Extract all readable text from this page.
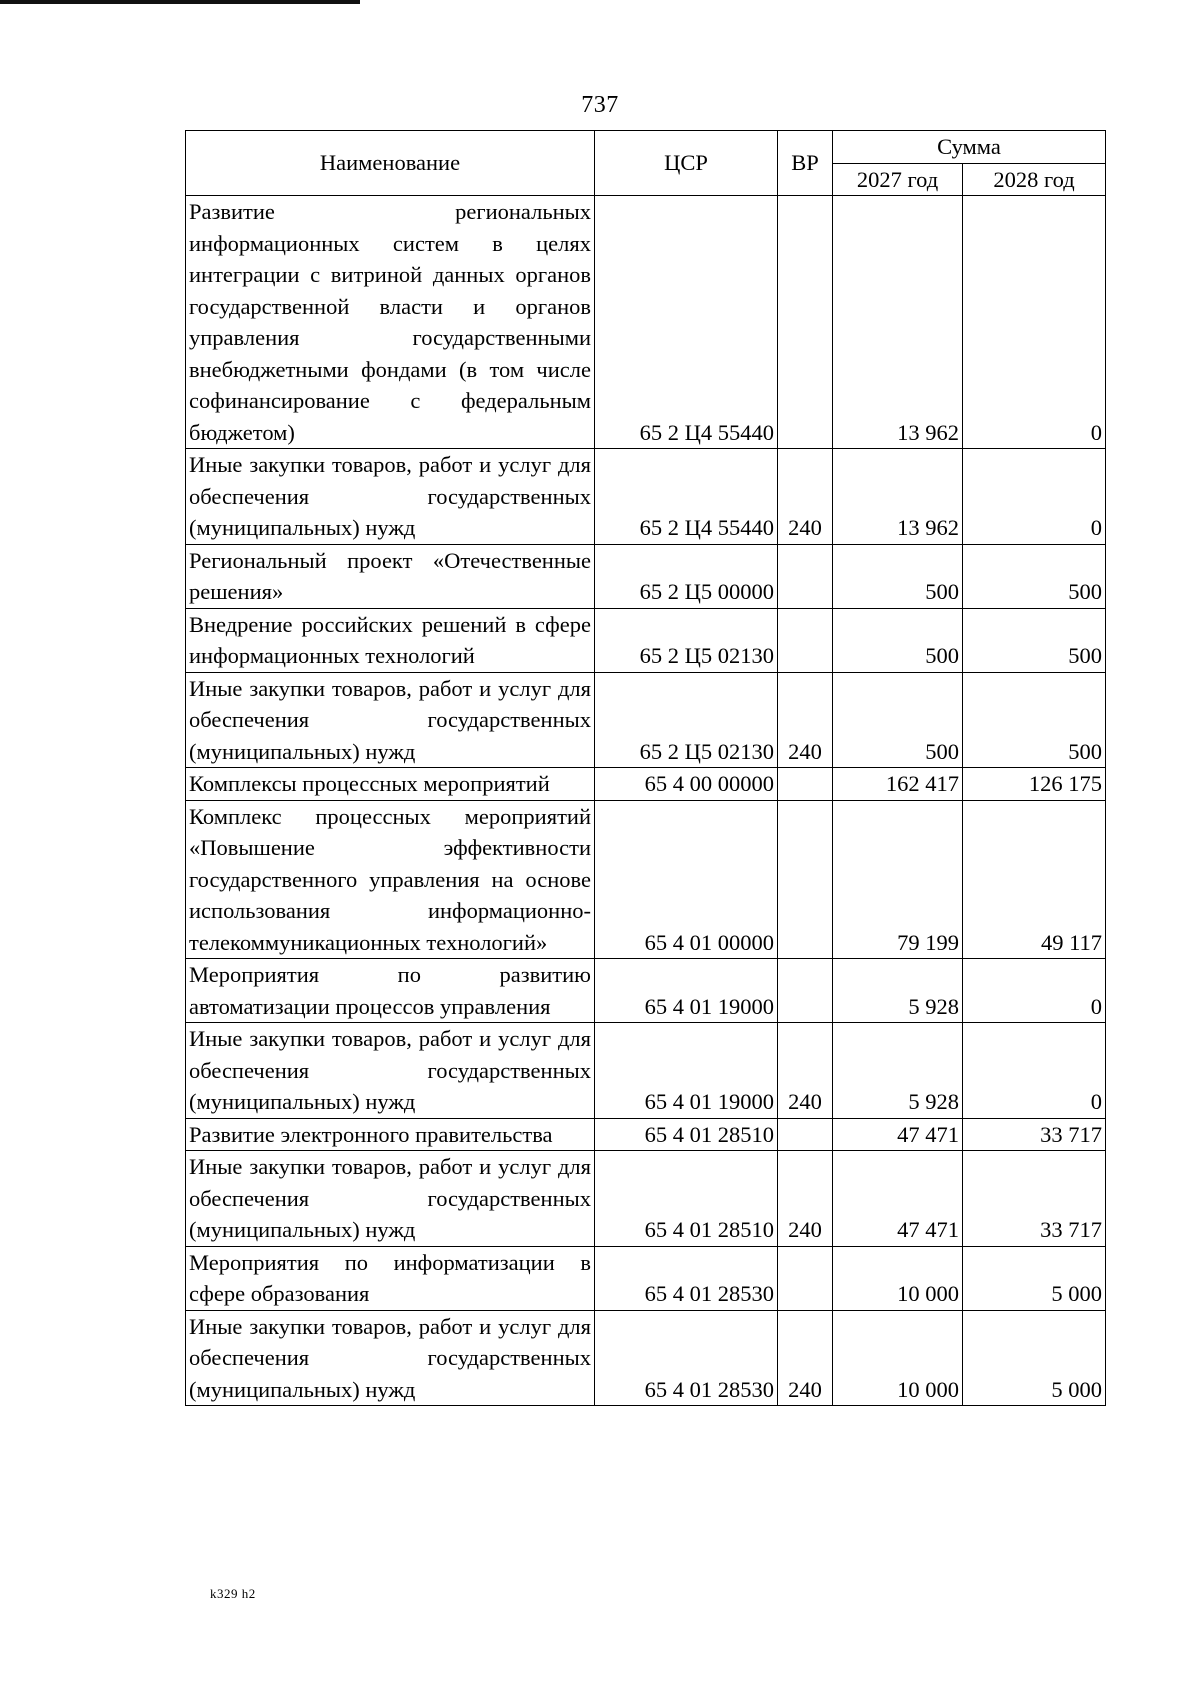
737
Наименование	ЦСР	ВР	Сумма	
			2027 год	2028 год
Развитие региональных информационных систем в целях интеграции с витриной данных органов государственной власти и органов управления государственными внебюджетными фондами (в том числе софинансирование с федеральным бюджетом)	65 2 Ц4 55440		13 962	0
Иные закупки товаров, работ и услуг для обеспечения государственных (муниципальных) нужд	65 2 Ц4 55440	240	13 962	0
Региональный проект «Отечественные решения»	65 2 Ц5 00000		500	500
Внедрение российских решений в сфере информационных технологий	65 2 Ц5 02130		500	500
Иные закупки товаров, работ и услуг для обеспечения государственных (муниципальных) нужд	65 2 Ц5 02130	240	500	500
Комплексы процессных мероприятий	65 4 00 00000		162 417	126 175
Комплекс процессных мероприятий «Повышение эффективности государственного управления на основе использования информационно-телекоммуникационных технологий»	65 4 01 00000		79 199	49 117
Мероприятия по развитию автоматизации процессов управления	65 4 01 19000		5 928	0
Иные закупки товаров, работ и услуг для обеспечения государственных (муниципальных) нужд	65 4 01 19000	240	5 928	0
Развитие электронного правительства	65 4 01 28510		47 471	33 717
Иные закупки товаров, работ и услуг для обеспечения государственных (муниципальных) нужд	65 4 01 28510	240	47 471	33 717
Мероприятия по информатизации в сфере образования	65 4 01 28530		10 000	5 000
Иные закупки товаров, работ и услуг для обеспечения государственных (муниципальных) нужд	65 4 01 28530	240	10 000	5 000
k329 h2
